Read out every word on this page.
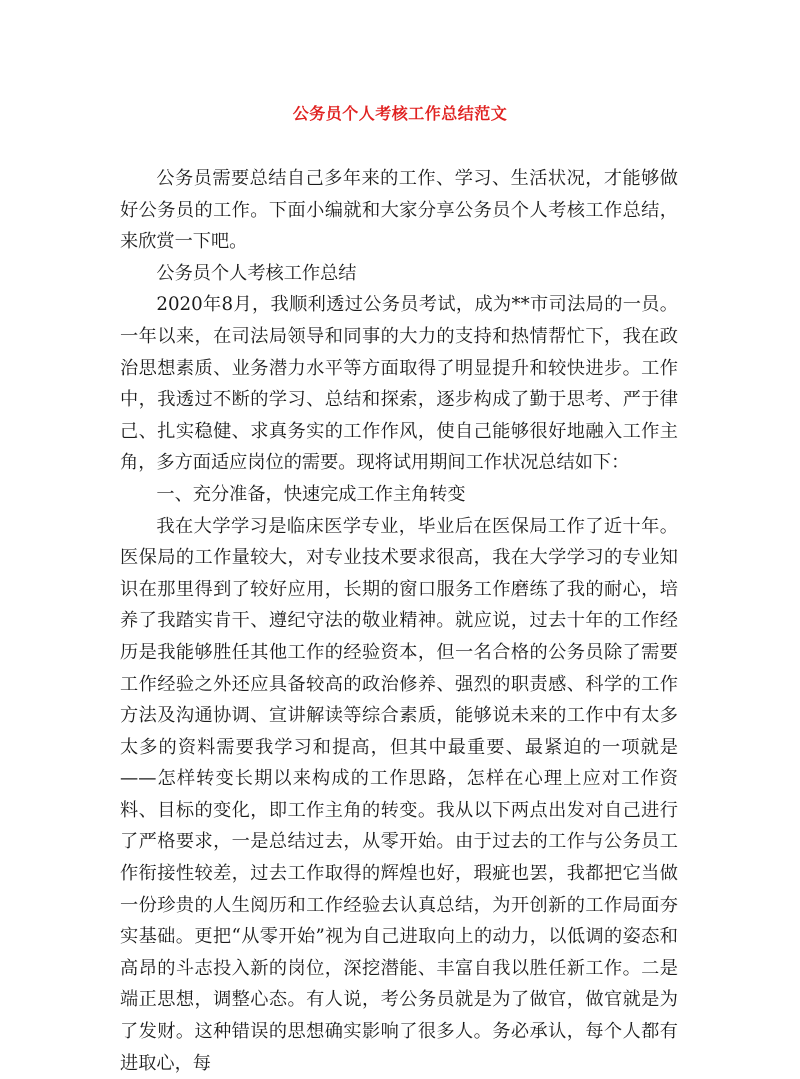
公务员个人考核工作总结范文

公务员需要总结自己多年来的工作、学习、生活状况，才能够做好公务员的工作。下面小编就和大家分享公务员个人考核工作总结，来欣赏一下吧。

公务员个人考核工作总结

2020年8月，我顺利透过公务员考试，成为**市司法局的一员。一年以来，在司法局领导和同事的大力的支持和热情帮忙下，我在政治思想素质、业务潜力水平等方面取得了明显提升和较快进步。工作中，我透过不断的学习、总结和探索，逐步构成了勤于思考、严于律己、扎实稳健、求真务实的工作作风，使自己能够很好地融入工作主角，多方面适应岗位的需要。现将试用期间工作状况总结如下：

一、充分准备，快速完成工作主角转变

我在大学学习是临床医学专业，毕业后在医保局工作了近十年。医保局的工作量较大，对专业技术要求很高，我在大学学习的专业知识在那里得到了较好应用，长期的窗口服务工作磨练了我的耐心，培养了我踏实肯干、遵纪守法的敬业精神。就应说，过去十年的工作经历是我能够胜任其他工作的经验资本，但一名合格的公务员除了需要工作经验之外还应具备较高的政治修养、强烈的职责感、科学的工作方法及沟通协调、宣讲解读等综合素质，能够说未来的工作中有太多太多的资料需要我学习和提高，但其中最重要、最紧迫的一项就是——怎样转变长期以来构成的工作思路，怎样在心理上应对工作资料、目标的变化，即工作主角的转变。我从以下两点出发对自己进行了严格要求，一是总结过去，从零开始。由于过去的工作与公务员工作衔接性较差，过去工作取得的辉煌也好，瑕疵也罢，我都把它当做一份珍贵的人生阅历和工作经验去认真总结，为开创新的工作局面夯实基础。更把“从零开始”视为自己进取向上的动力，以低调的姿态和高昂的斗志投入新的岗位，深挖潜能、丰富自我以胜任新工作。二是端正思想，调整心态。有人说，考公务员就是为了做官，做官就是为了发财。这种错误的思想确实影响了很多人。务必承认，每个人都有进取心，每
